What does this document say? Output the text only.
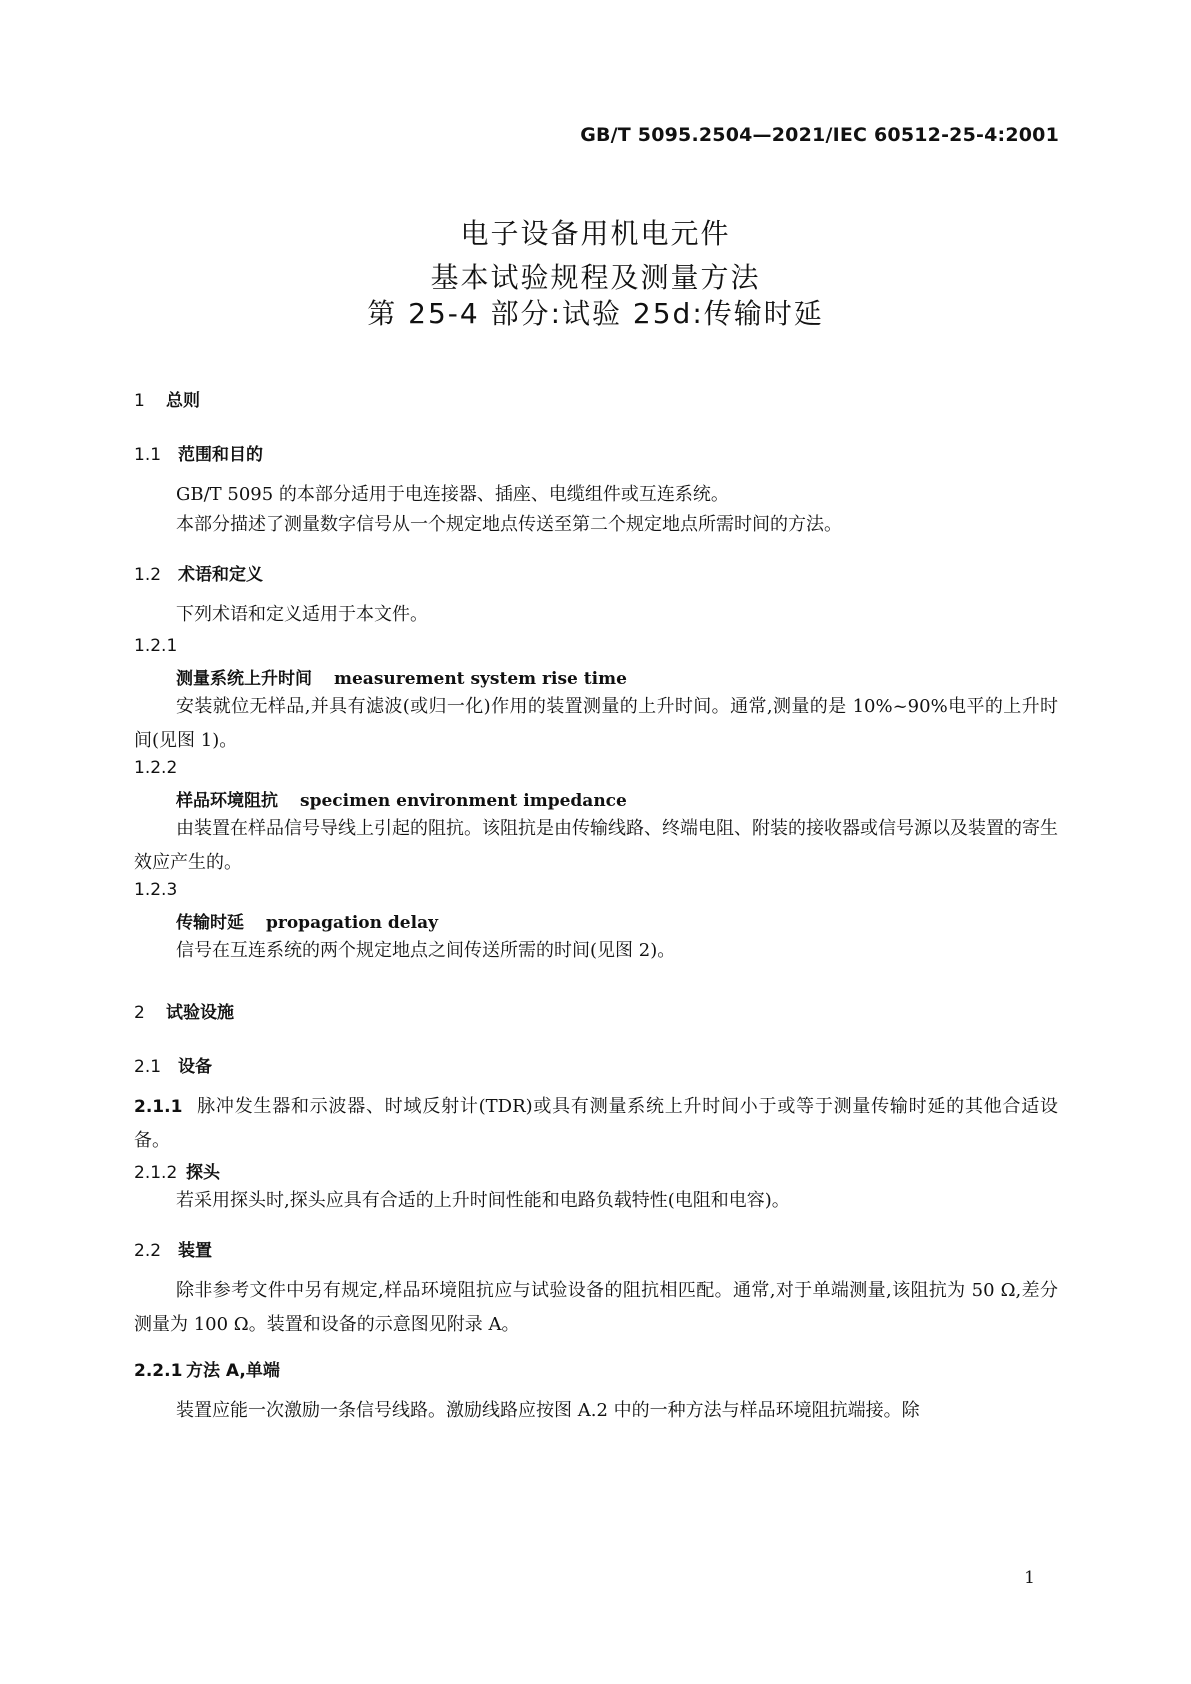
GB/T 5095.2504—2021/IEC 60512-25-4:2001
电子设备用机电元件
基本试验规程及测量方法
第 25-4 部分:试验 25d:传输时延
1 总则
1.1 范围和目的
GB/T 5095 的本部分适用于电连接器、插座、电缆组件或互连系统。
本部分描述了测量数字信号从一个规定地点传送至第二个规定地点所需时间的方法。
1.2 术语和定义
下列术语和定义适用于本文件。
1.2.1
测量系统上升时间 measurement system rise time
安装就位无样品,并具有滤波(或归一化)作用的装置测量的上升时间。通常,测量的是 10%~90%电平的上升时间(见图 1)。
1.2.2
样品环境阻抗 specimen environment impedance
由装置在样品信号导线上引起的阻抗。该阻抗是由传输线路、终端电阻、附装的接收器或信号源以及装置的寄生效应产生的。
1.2.3
传输时延 propagation delay
信号在互连系统的两个规定地点之间传送所需的时间(见图 2)。
2 试验设施
2.1 设备
2.1.1 脉冲发生器和示波器、时域反射计(TDR)或具有测量系统上升时间小于或等于测量传输时延的其他合适设备。
2.1.2 探头
若采用探头时,探头应具有合适的上升时间性能和电路负载特性(电阻和电容)。
2.2 装置
除非参考文件中另有规定,样品环境阻抗应与试验设备的阻抗相匹配。通常,对于单端测量,该阻抗为 50 Ω,差分测量为 100 Ω。装置和设备的示意图见附录 A。
2.2.1 方法 A,单端
装置应能一次激励一条信号线路。激励线路应按图 A.2 中的一种方法与样品环境阻抗端接。除
1
